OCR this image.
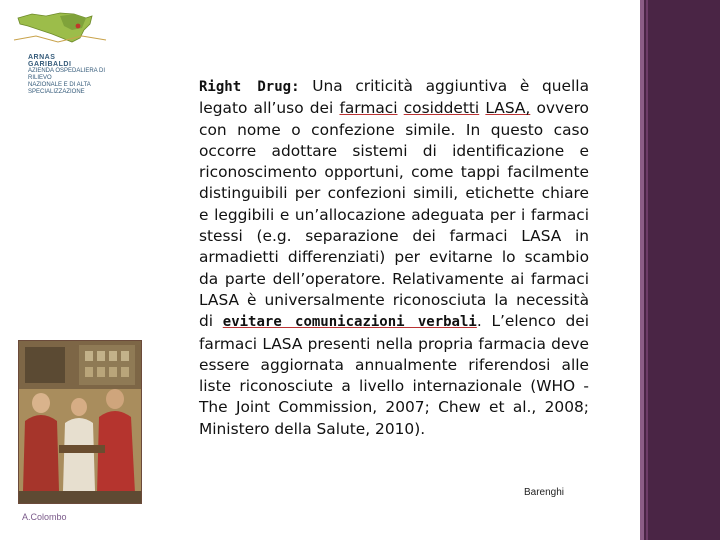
ARNAS
GARIBALDI
AZIENDA OSPEDALIERA DI RILIEVO
NAZIONALE E DI ALTA SPECIALIZZAZIONE	Right Drug: Una criticità aggiuntiva è quella legato all’uso dei farmaci cosiddetti LASA, ovvero con nome o confezione simile. In questo caso occorre adottare sistemi di identificazione e riconoscimento opportuni, come tappi facilmente distinguibili per confezioni simili, etichette chiare e leggibili e un’allocazione adeguata per i farmaci stessi (e.g. separazione dei farmaci LASA in armadietti differenziati) per evitarne lo scambio da parte dell’operatore. Relativamente ai farmaci LASA è universalmente riconosciuta la necessità di evitare comunicazioni verbali. L’elenco dei farmaci LASA presenti nella propria farmacia deve essere aggiornata annualmente riferendosi alle liste riconosciute a livello internazionale (WHO - The Joint Commission, 2007; Chew et al., 2008; Ministero della Salute, 2010).
Barenghi
A.Colombo
